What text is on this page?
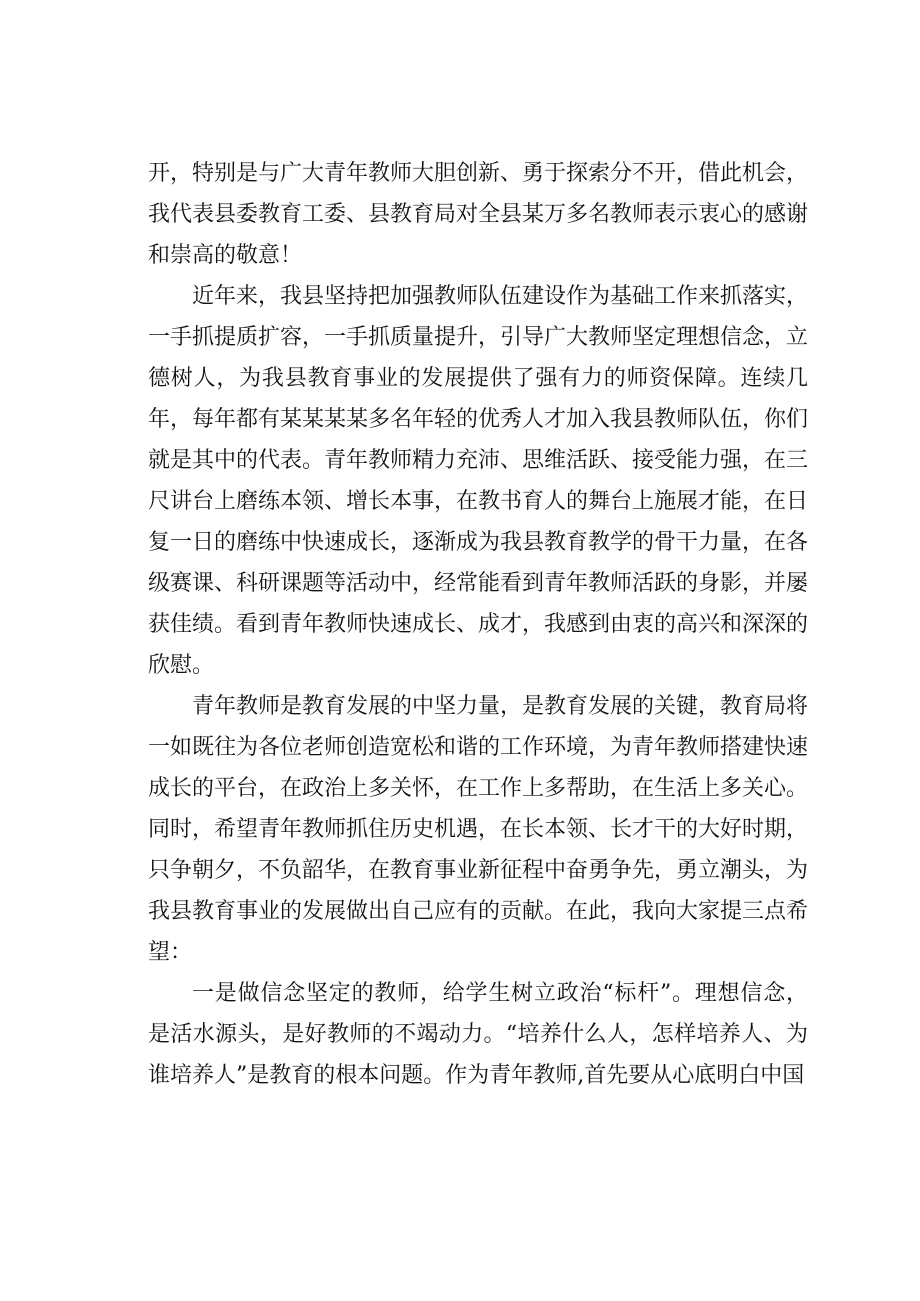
开，特别是与广大青年教师大胆创新、勇于探索分不开，借此机会，我代表县委教育工委、县教育局对全县某万多名教师表示衷心的感谢和崇高的敬意！

近年来，我县坚持把加强教师队伍建设作为基础工作来抓落实，一手抓提质扩容，一手抓质量提升，引导广大教师坚定理想信念，立德树人，为我县教育事业的发展提供了强有力的师资保障。连续几年，每年都有某某某某多名年轻的优秀人才加入我县教师队伍，你们就是其中的代表。青年教师精力充沛、思维活跃、接受能力强，在三尺讲台上磨练本领、增长本事，在教书育人的舞台上施展才能，在日复一日的磨练中快速成长，逐渐成为我县教育教学的骨干力量，在各级赛课、科研课题等活动中，经常能看到青年教师活跃的身影，并屡获佳绩。看到青年教师快速成长、成才，我感到由衷的高兴和深深的欣慰。

青年教师是教育发展的中坚力量，是教育发展的关键，教育局将一如既往为各位老师创造宽松和谐的工作环境，为青年教师搭建快速成长的平台，在政治上多关怀，在工作上多帮助，在生活上多关心。同时，希望青年教师抓住历史机遇，在长本领、长才干的大好时期，只争朝夕，不负韶华，在教育事业新征程中奋勇争先，勇立潮头，为我县教育事业的发展做出自己应有的贡献。在此，我向大家提三点希望：

一是做信念坚定的教师，给学生树立政治“标杆”。理想信念，是活水源头，是好教师的不竭动力。“培养什么人，怎样培养人、为谁培养人”是教育的根本问题。作为青年教师,首先要从心底明白中国
